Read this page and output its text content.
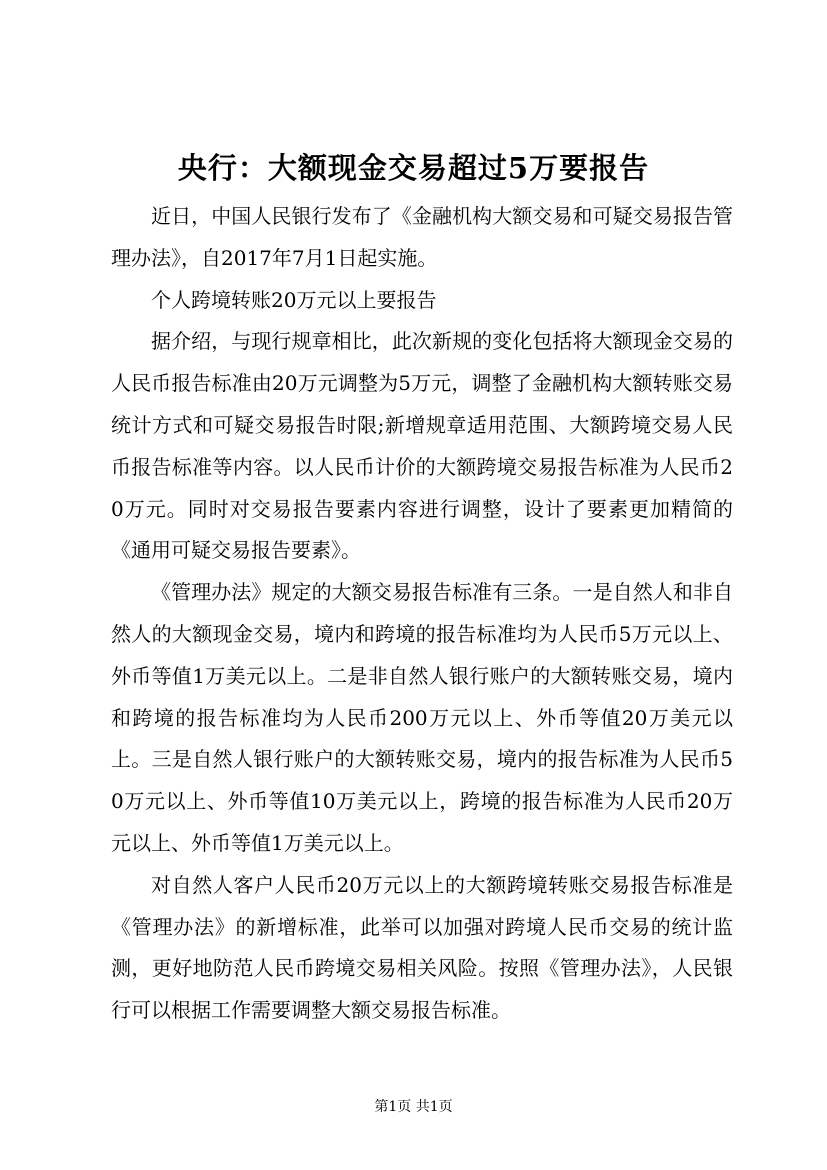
央行：大额现金交易超过5万要报告

近日，中国人民银行发布了《金融机构大额交易和可疑交易报告管理办法》，自2017年7月1日起实施。

个人跨境转账20万元以上要报告

据介绍，与现行规章相比，此次新规的变化包括将大额现金交易的人民币报告标准由20万元调整为5万元，调整了金融机构大额转账交易统计方式和可疑交易报告时限;新增规章适用范围、大额跨境交易人民币报告标准等内容。以人民币计价的大额跨境交易报告标准为人民币20万元。同时对交易报告要素内容进行调整，设计了要素更加精简的《通用可疑交易报告要素》。

《管理办法》规定的大额交易报告标准有三条。一是自然人和非自然人的大额现金交易，境内和跨境的报告标准均为人民币5万元以上、外币等值1万美元以上。二是非自然人银行账户的大额转账交易，境内和跨境的报告标准均为人民币200万元以上、外币等值20万美元以上。三是自然人银行账户的大额转账交易，境内的报告标准为人民币50万元以上、外币等值10万美元以上，跨境的报告标准为人民币20万元以上、外币等值1万美元以上。

对自然人客户人民币20万元以上的大额跨境转账交易报告标准是《管理办法》的新增标准，此举可以加强对跨境人民币交易的统计监测，更好地防范人民币跨境交易相关风险。按照《管理办法》，人民银行可以根据工作需要调整大额交易报告标准。

第1页 共1页
